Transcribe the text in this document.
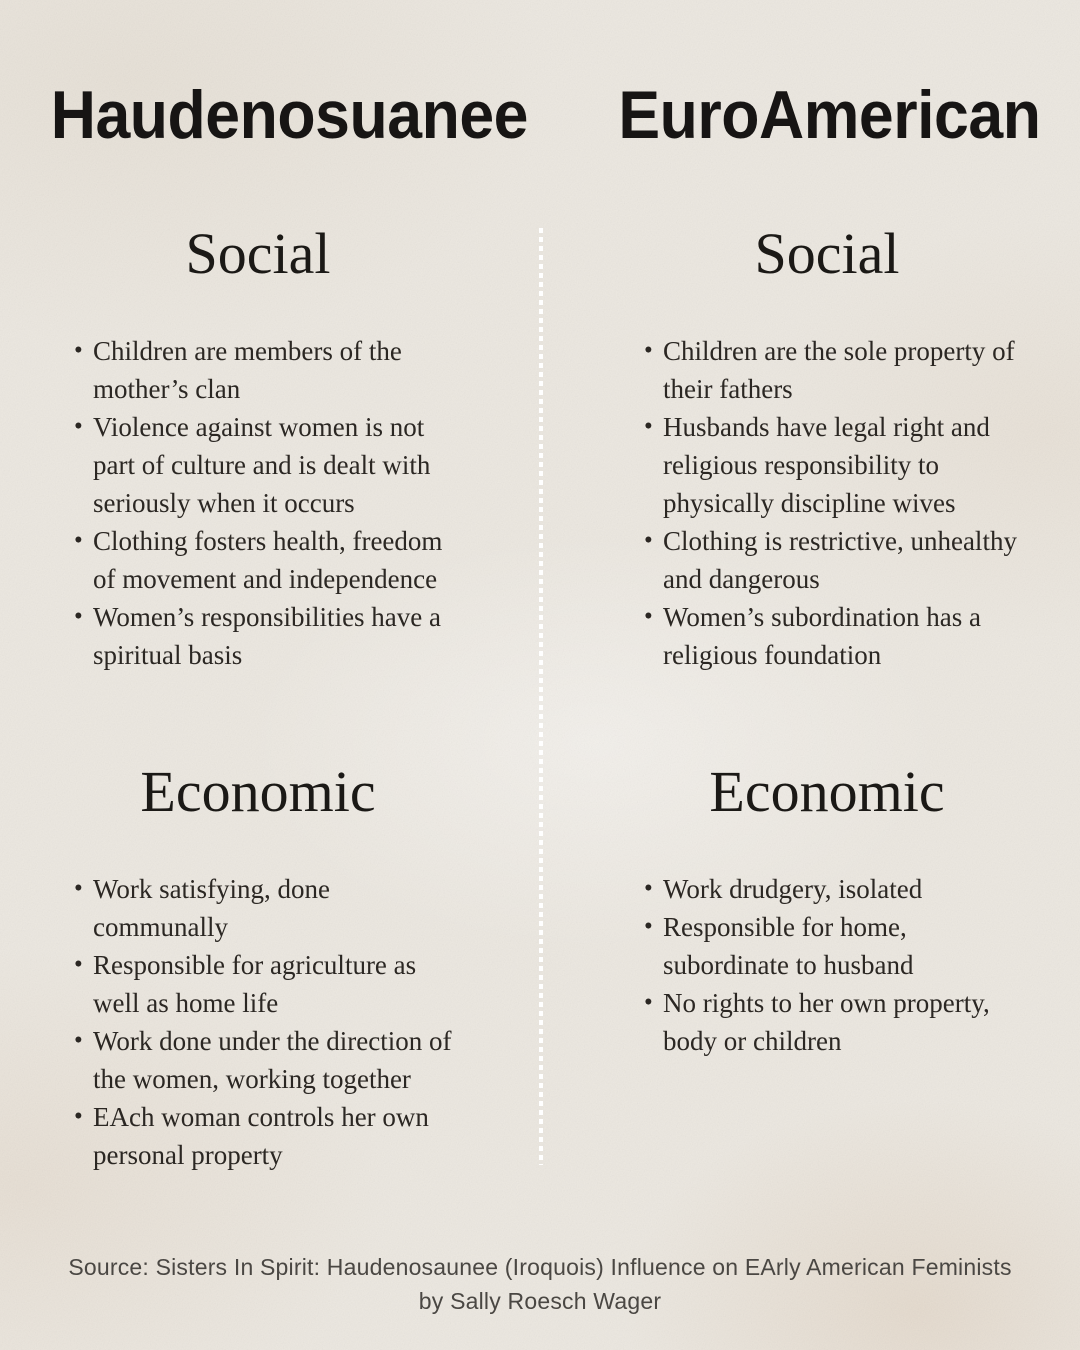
Haudenosuanee
Social
• Children are members of the mother’s clan
• Violence against women is not part of culture and is dealt with seriously when it occurs
• Clothing fosters health, freedom of movement and independence
• Women’s responsibilities have a spiritual basis
Economic
• Work satisfying, done communally
• Responsible for agriculture as well as home life
• Work done under the direction of the women, working together
• EAch woman controls her own personal property
EuroAmerican
Social
• Children are the sole property of their fathers
• Husbands have legal right and religious responsibility to physically discipline wives
• Clothing is restrictive, unhealthy and dangerous
• Women’s subordination has a religious foundation
Economic
• Work drudgery, isolated
• Responsible for home, subordinate to husband
• No rights to her own property, body or children
Source: Sisters In Spirit: Haudenosaunee (Iroquois) Influence on EArly American Feminists
by Sally Roesch Wager
